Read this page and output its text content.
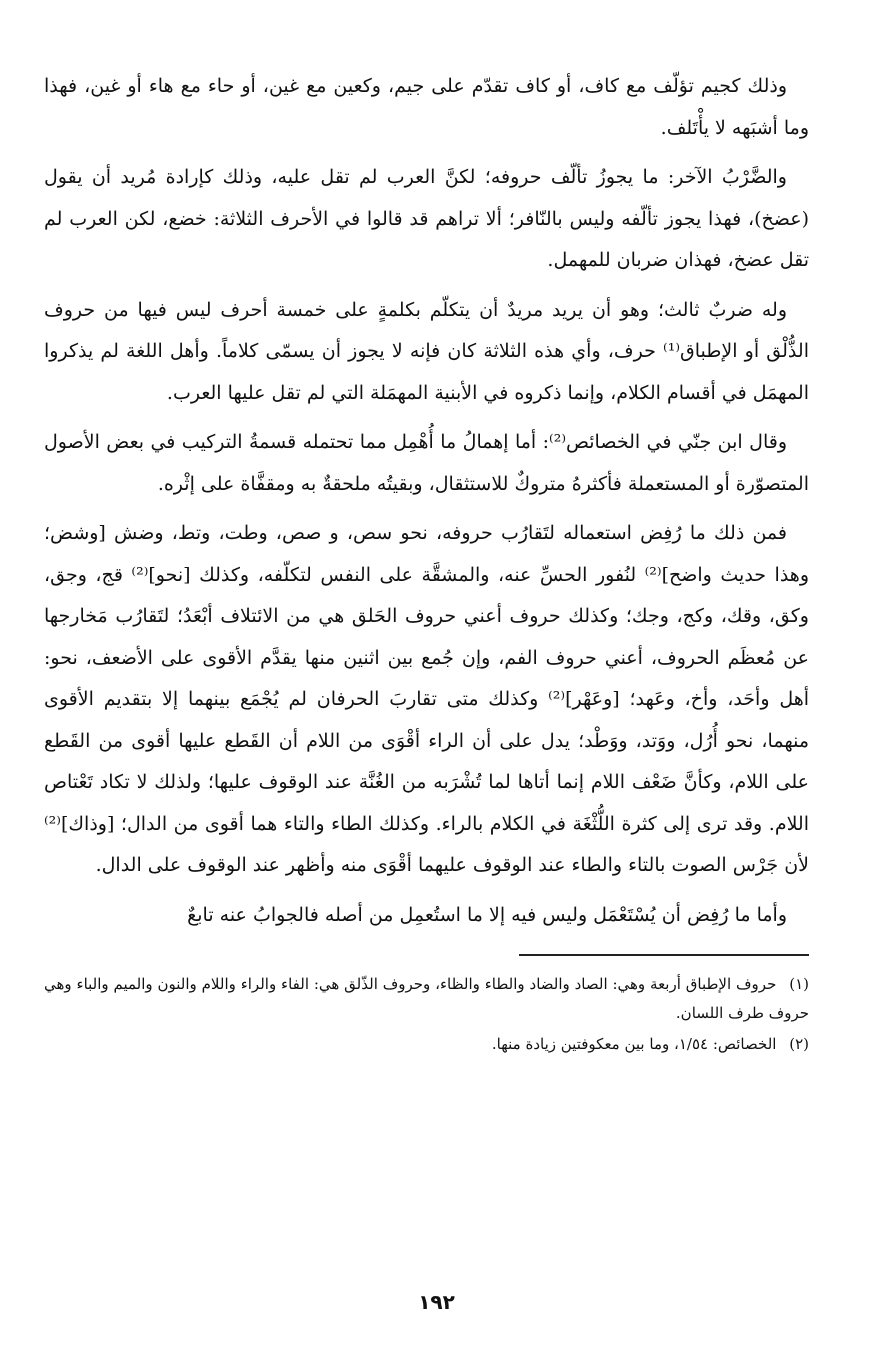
وذلك كجيم تؤلّف مع كاف، أو كاف تقدّم على جيم، وكعين مع غين، أو حاء مع هاء أو غين، فهذا وما أشبَهه لا يأْتَلف.

والضَّرْبُ الآخر: ما يجوزُ تألّف حروفه؛ لكنَّ العرب لم تقل عليه، وذلك كإرادة مُريد أن يقول (عضخ)، فهذا يجوز تألّفه وليس بالنّافر؛ ألا تراهم قد قالوا في الأحرف الثلاثة: خضع، لكن العرب لم تقل عضخ، فهذان ضربان للمهمل.

وله ضربٌ ثالث؛ وهو أن يريد مريدٌ أن يتكلّم بكلمةٍ على خمسة أحرف ليس فيها من حروف الذُّلْق أو الإطباق⁽¹⁾ حرف، وأي هذه الثلاثة كان فإنه لا يجوز أن يسمّى كلاماً. وأهل اللغة لم يذكروا المهمَل في أقسام الكلام، وإنما ذكروه في الأبنية المهمَلة التي لم تقل عليها العرب.

وقال ابن جنّي في الخصائص⁽²⁾: أما إهمالُ ما أُهْمِل مما تحتمله قسمةُ التركيب في بعض الأصول المتصوّرة أو المستعملة فأكثرهُ متروكٌ للاستثقال، وبقيتُه ملحقةٌ به ومقفَّاة على إثْره.

فمن ذلك ما رُفِض استعماله لتَقارُب حروفه، نحو سص، و صص، وطت، وتط، وضش [وشض؛ وهذا حديث واضح]⁽²⁾ لنُفور الحسِّ عنه، والمشقَّة على النفس لتكلّفه، وكذلك [نحو]⁽²⁾ قج، وجق، وكق، وقك، وكج، وجك؛ وكذلك حروف أعني حروف الحَلق هي من الائتلاف أبْعَدُ؛ لتَقارُب مَخارجها عن مُعظَم الحروف، أعني حروف الفم، وإن جُمع بين اثنين منها يقدَّم الأقوى على الأضعف، نحو: أهل وأحَد، وأخ، وعَهد؛ [وعَهْر]⁽²⁾ وكذلك متى تقاربَ الحرفان لم يُجْمَع بينهما إلا بتقديم الأقوى منهما، نحو أُرُل، ووَتد، ووَطْد؛ يدل على أن الراء أقْوَى من اللام أن القَطع عليها أقوى من القَطع على اللام، وكأنَّ ضَعْف اللام إنما أتاها لما تُشْرَبه من الغُنَّة عند الوقوف عليها؛ ولذلك لا تكاد تَعْتاص اللام. وقد ترى إلى كثرة اللُّثْغَة في الكلام بالراء. وكذلك الطاء والتاء هما أقوى من الدال؛ [وذاك]⁽²⁾ لأن جَرْس الصوت بالتاء والطاء عند الوقوف عليهما أقْوَى منه وأظهر عند الوقوف على الدال.

وأما ما رُفِض أن يُسْتَعْمَل وليس فيه إلا ما استُعمِل من أصله فالجوابُ عنه تابعٌ

(١) حروف الإطباق أربعة وهي: الصاد والضاد والطاء والظاء، وحروف الذّلق هي: الفاء والراء واللام والنون والميم والباء وهي حروف طرف اللسان.

(٢) الخصائص: ١/٥٤، وما بين معكوفتين زيادة منها.

١٩٢
